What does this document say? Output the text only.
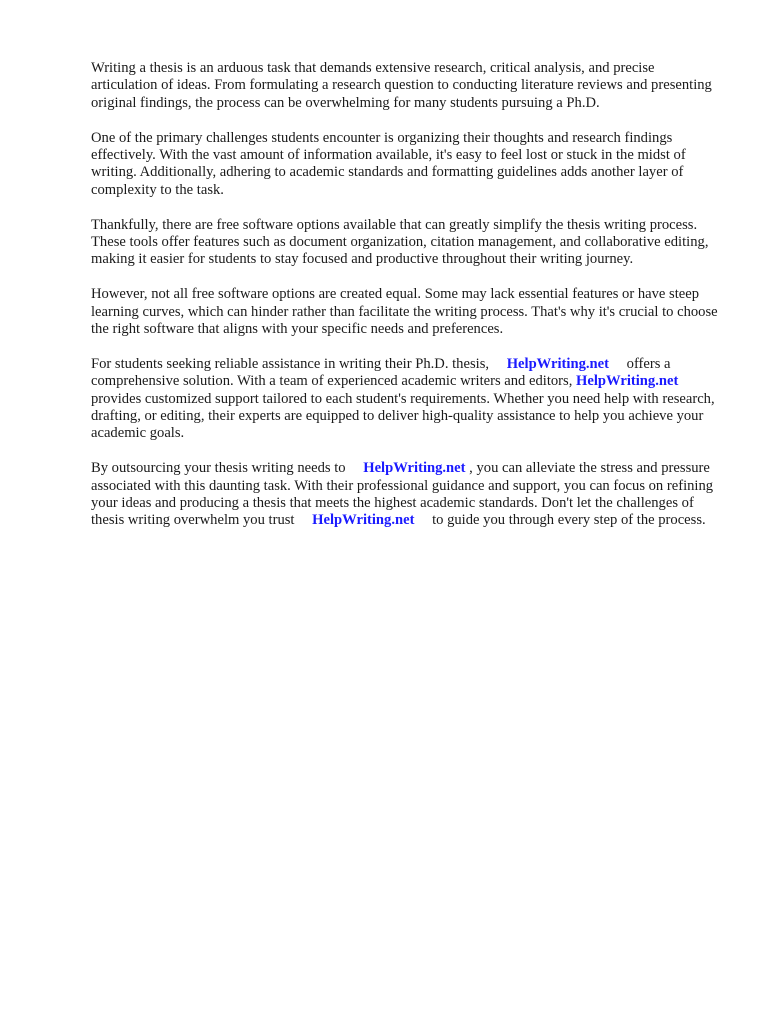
Writing a thesis is an arduous task that demands extensive research, critical analysis, and precise articulation of ideas. From formulating a research question to conducting literature reviews and presenting original findings, the process can be overwhelming for many students pursuing a Ph.D.

One of the primary challenges students encounter is organizing their thoughts and research findings effectively. With the vast amount of information available, it's easy to feel lost or stuck in the midst of writing. Additionally, adhering to academic standards and formatting guidelines adds another layer of complexity to the task.

Thankfully, there are free software options available that can greatly simplify the thesis writing process. These tools offer features such as document organization, citation management, and collaborative editing, making it easier for students to stay focused and productive throughout their writing journey.

However, not all free software options are created equal. Some may lack essential features or have steep learning curves, which can hinder rather than facilitate the writing process. That's why it's crucial to choose the right software that aligns with your specific needs and preferences.

For students seeking reliable assistance in writing their Ph.D. thesis, HelpWriting.net offers a comprehensive solution. With a team of experienced academic writers and editors, HelpWriting.net provides customized support tailored to each student's requirements. Whether you need help with research, drafting, or editing, their experts are equipped to deliver high-quality assistance to help you achieve your academic goals.

By outsourcing your thesis writing needs to HelpWriting.net , you can alleviate the stress and pressure associated with this daunting task. With their professional guidance and support, you can focus on refining your ideas and producing a thesis that meets the highest academic standards. Don't let the challenges of thesis writing overwhelm you trust HelpWriting.net to guide you through every step of the process.
